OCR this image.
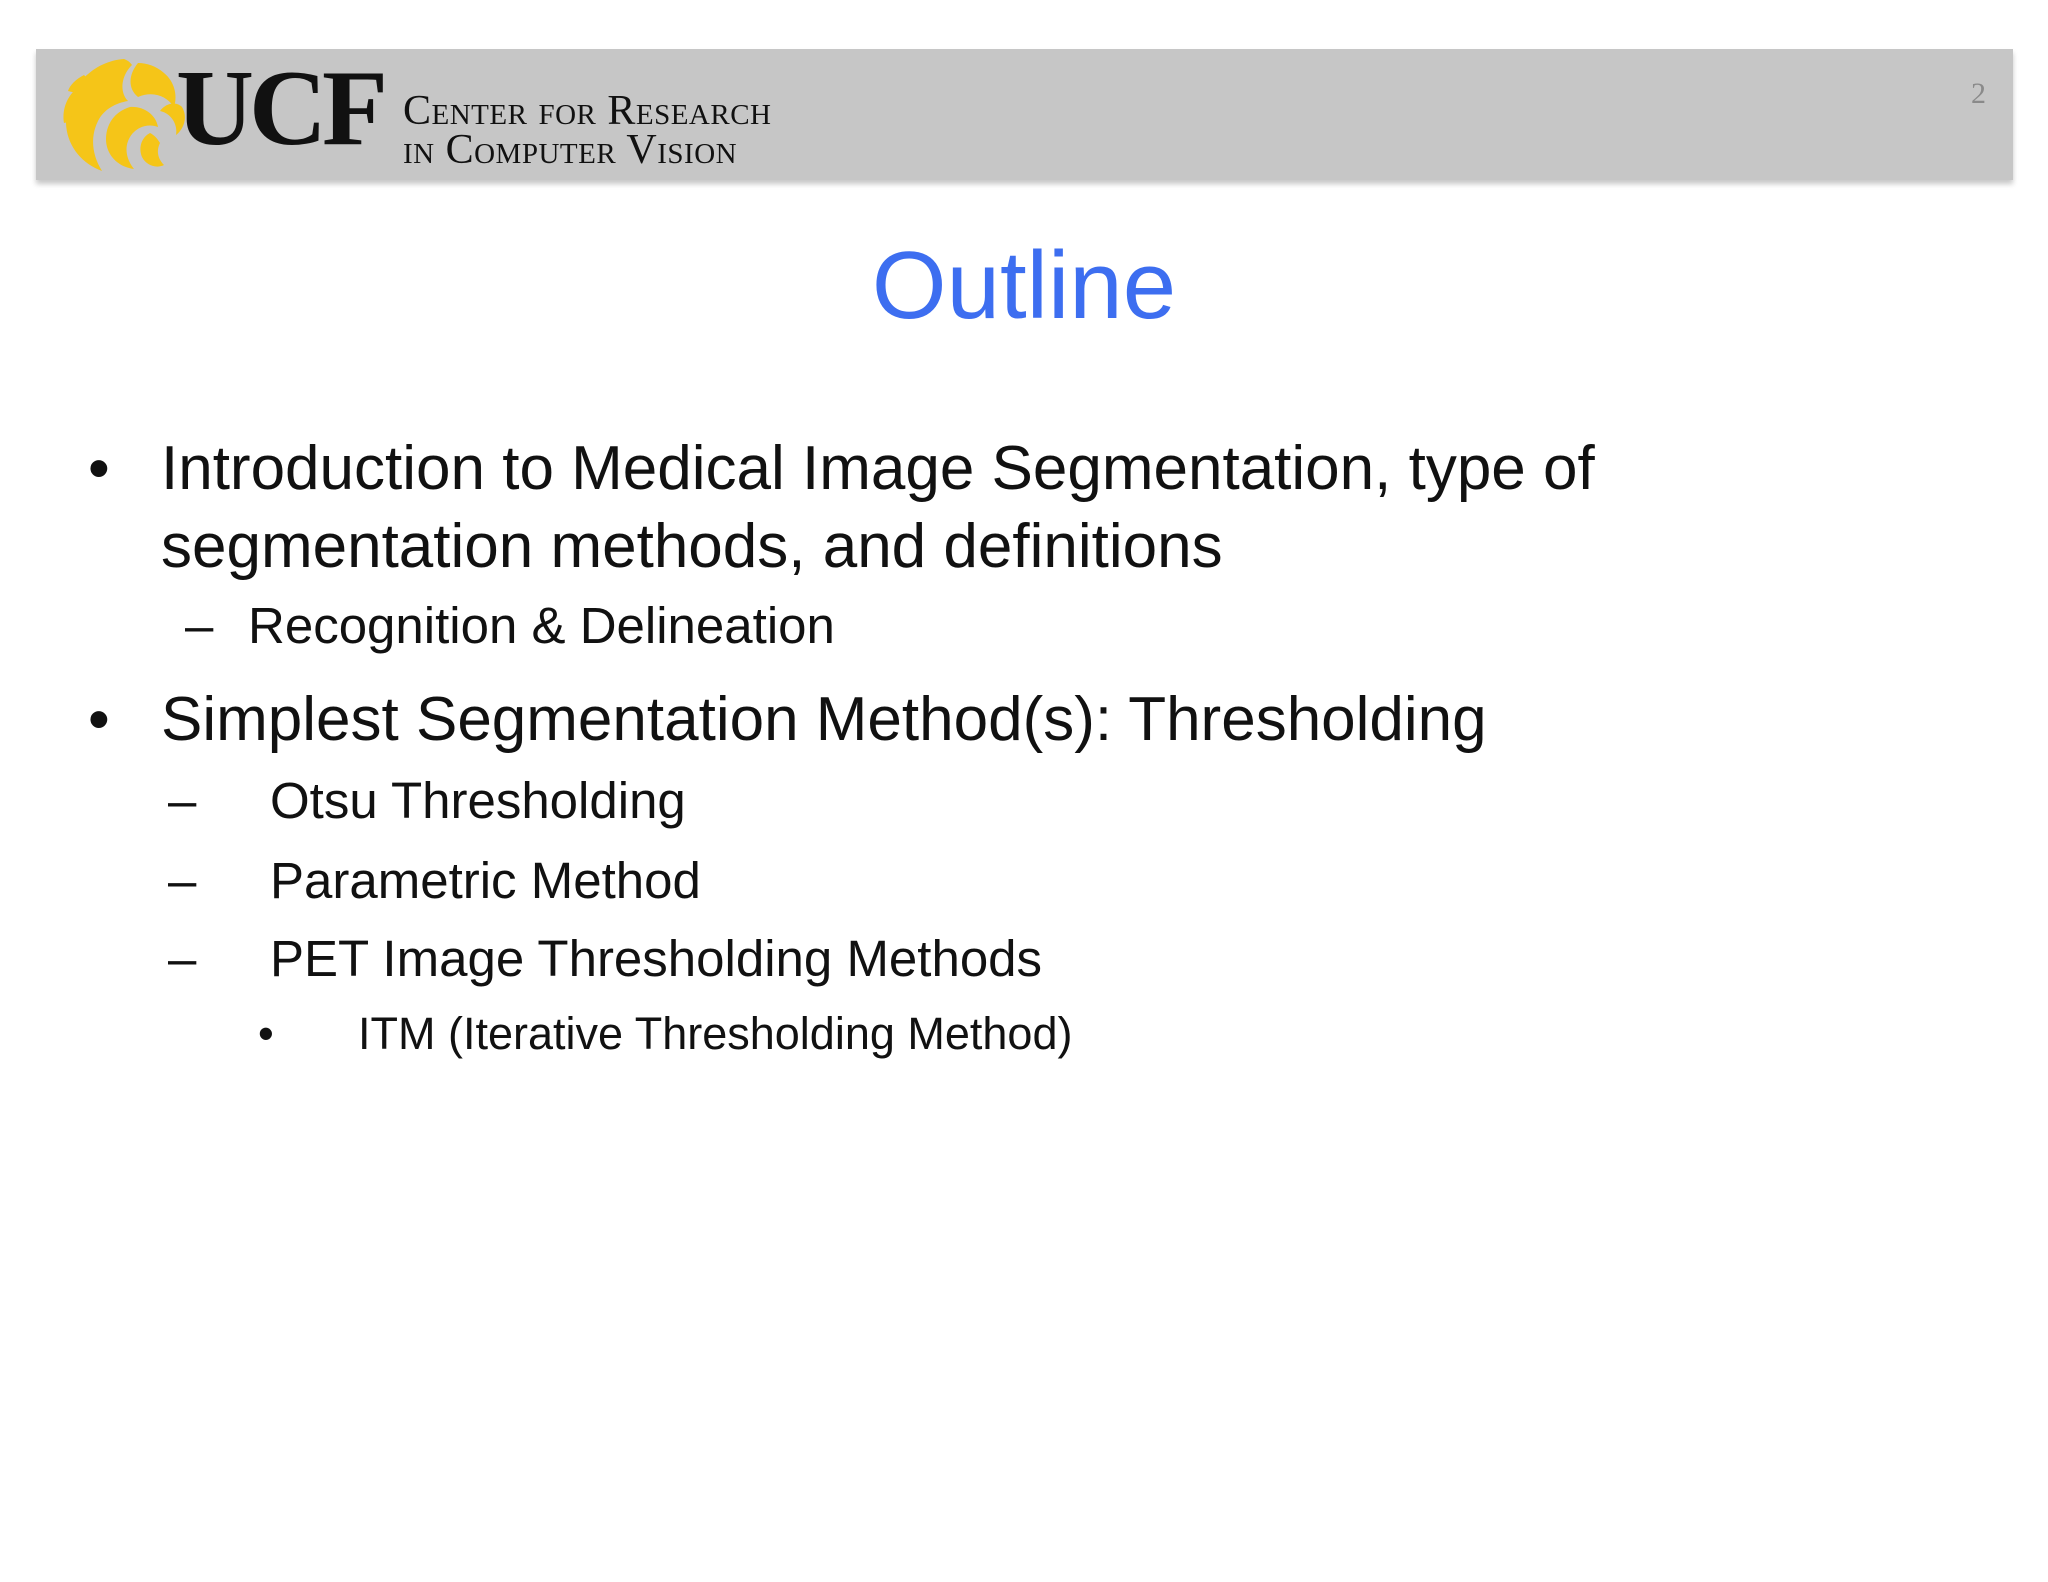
UCF Center for Research
in Computer Vision
2
Outline
• Introduction to Medical Image Segmentation, type of
segmentation methods, and definitions
– Recognition & Delineation
• Simplest Segmentation Method(s): Thresholding
– Otsu Thresholding
– Parametric Method
– PET Image Thresholding Methods
• ITM (Iterative Thresholding Method)
